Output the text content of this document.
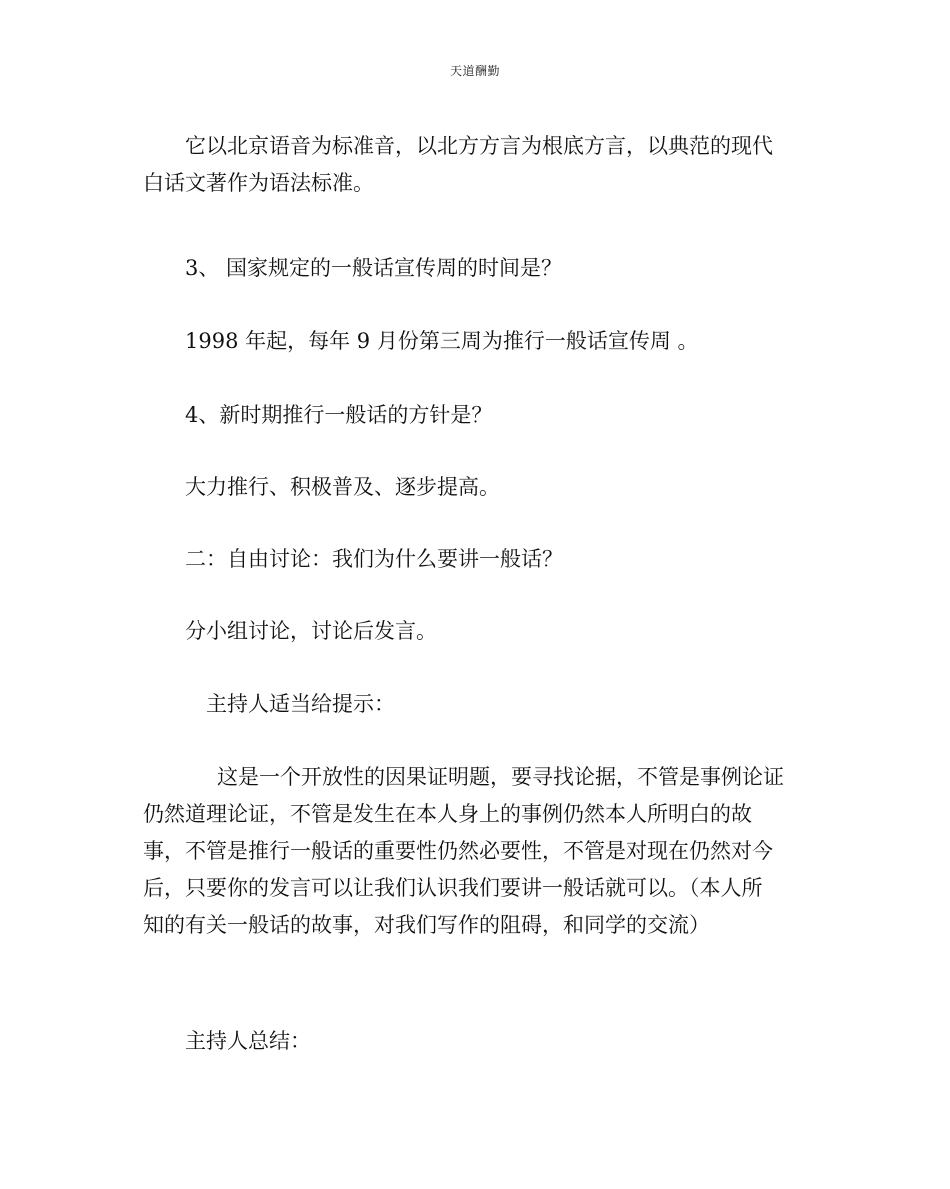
天道酬勤
它以北京语音为标准音，以北方方言为根底方言，以典范的现代
白话文著作为语法标准。
3、 国家规定的一般话宣传周的时间是？
1998 年起，每年 9 月份第三周为推行一般话宣传周 。
4、新时期推行一般话的方针是？
大力推行、积极普及、逐步提高。
二：自由讨论：我们为什么要讲一般话？
分小组讨论，讨论后发言。
主持人适当给提示：
这是一个开放性的因果证明题，要寻找论据，不管是事例论证
仍然道理论证，不管是发生在本人身上的事例仍然本人所明白的故
事，不管是推行一般话的重要性仍然必要性，不管是对现在仍然对今
后，只要你的发言可以让我们认识我们要讲一般话就可以。（本人所
知的有关一般话的故事，对我们写作的阻碍，和同学的交流）
主持人总结：
